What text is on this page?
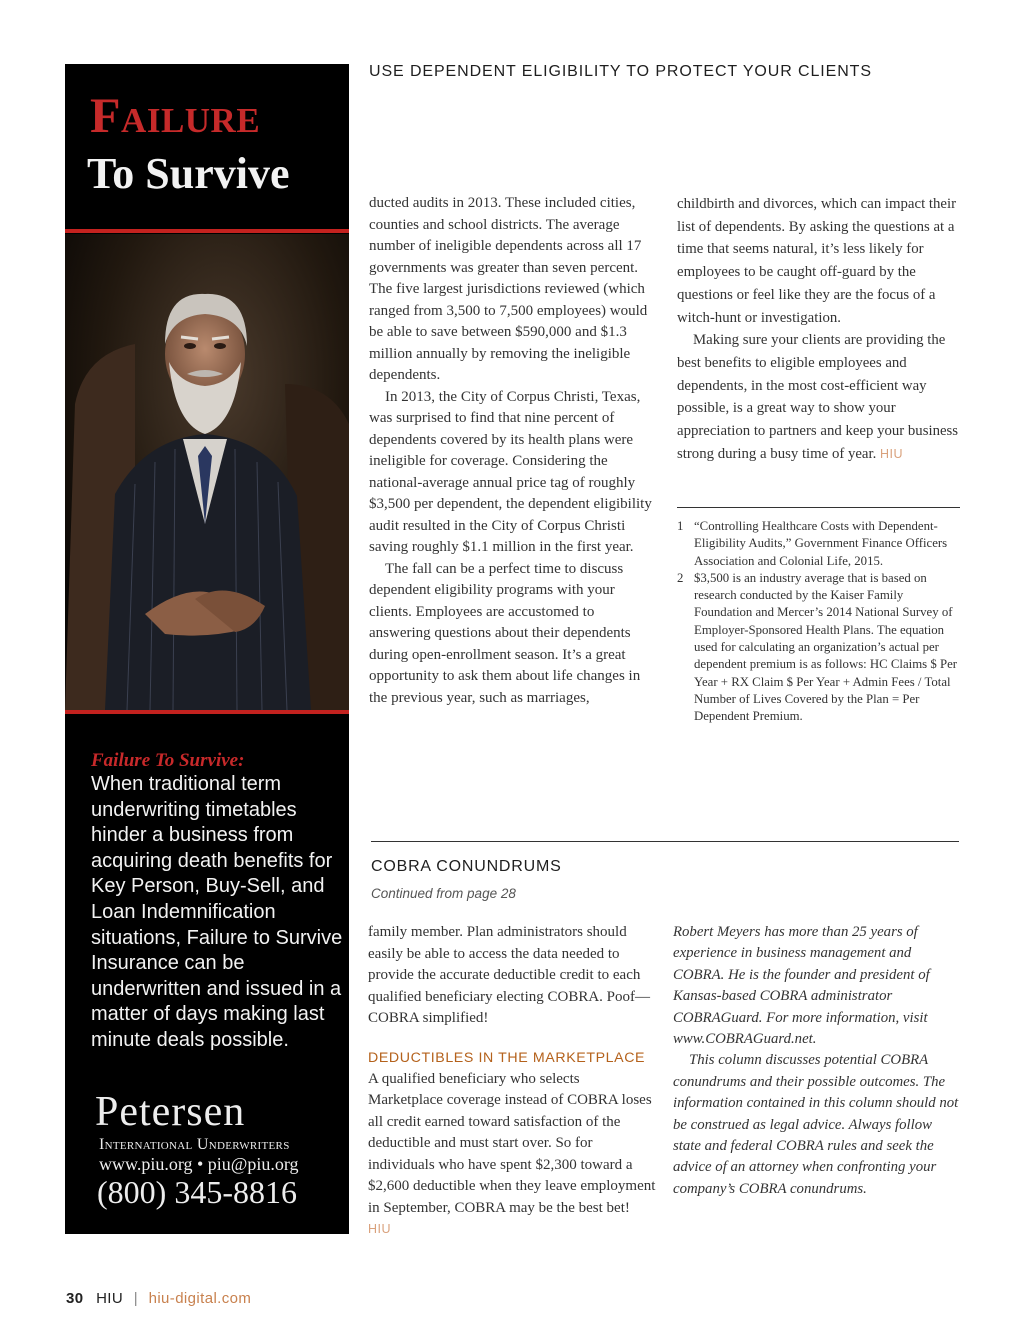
Failure
To Survive
Failure To Survive:
When traditional term underwriting timetables hinder a business from acquiring death benefits for Key Person, Buy-Sell, and Loan Indemnification situations, Failure to Survive Insurance can be underwritten and issued in a matter of days making last minute deals possible.
Petersen
International Underwriters
www.piu.org • piu@piu.org
(800) 345-8816
USE DEPENDENT ELIGIBILITY TO PROTECT YOUR CLIENTS

ducted audits in 2013. These included cities, counties and school districts. The average number of ineligible dependents across all 17 governments was greater than seven percent. The five largest jurisdictions reviewed (which ranged from 3,500 to 7,500 employees) would be able to save between $590,000 and $1.3 million annually by removing the ineligible dependents.

In 2013, the City of Corpus Christi, Texas, was surprised to find that nine percent of dependents covered by its health plans were ineligible for coverage. Considering the national-average annual price tag of roughly $3,500 per dependent, the dependent eligibility audit resulted in the City of Corpus Christi saving roughly $1.1 million in the first year.

The fall can be a perfect time to discuss dependent eligibility programs with your clients. Employees are accustomed to answering questions about their dependents during open-enrollment season. It’s a great opportunity to ask them about life changes in the previous year, such as marriages,

childbirth and divorces, which can impact their list of dependents. By asking the questions at a time that seems natural, it’s less likely for employees to be caught off-guard by the questions or feel like they are the focus of a witch-hunt or investigation.

Making sure your clients are providing the best benefits to eligible employees and dependents, in the most cost-efficient way possible, is a great way to show your appreciation to partners and keep your business strong during a busy time of year. HIU

1 “Controlling Healthcare Costs with Dependent-Eligibility Audits,” Government Finance Officers Association and Colonial Life, 2015.
2 $3,500 is an industry average that is based on research conducted by the Kaiser Family Foundation and Mercer’s 2014 National Survey of Employer-Sponsored Health Plans. The equation used for calculating an organization’s actual per dependent premium is as follows: HC Claims $ Per Year + RX Claim $ Per Year + Admin Fees / Total Number of Lives Covered by the Plan = Per Dependent Premium.
COBRA CONUNDRUMS
Continued from page 28

family member. Plan administrators should easily be able to access the data needed to provide the accurate deductible credit to each qualified beneficiary electing COBRA. Poof—COBRA simplified!

DEDUCTIBLES IN THE MARKETPLACE

A qualified beneficiary who selects Marketplace coverage instead of COBRA loses all credit earned toward satisfaction of the deductible and must start over. So for individuals who have spent $2,300 toward a $2,600 deductible when they leave employment in September, COBRA may be the best bet! HIU

Robert Meyers has more than 25 years of experience in business management and COBRA. He is the founder and president of Kansas-based COBRA administrator COBRAGuard. For more information, visit www.COBRAGuard.net.

This column discusses potential COBRA conundrums and their possible outcomes. The information contained in this column should not be construed as legal advice. Always follow state and federal COBRA rules and seek the advice of an attorney when confronting your company’s COBRA conundrums.

30 HIU | hiu-digital.com
